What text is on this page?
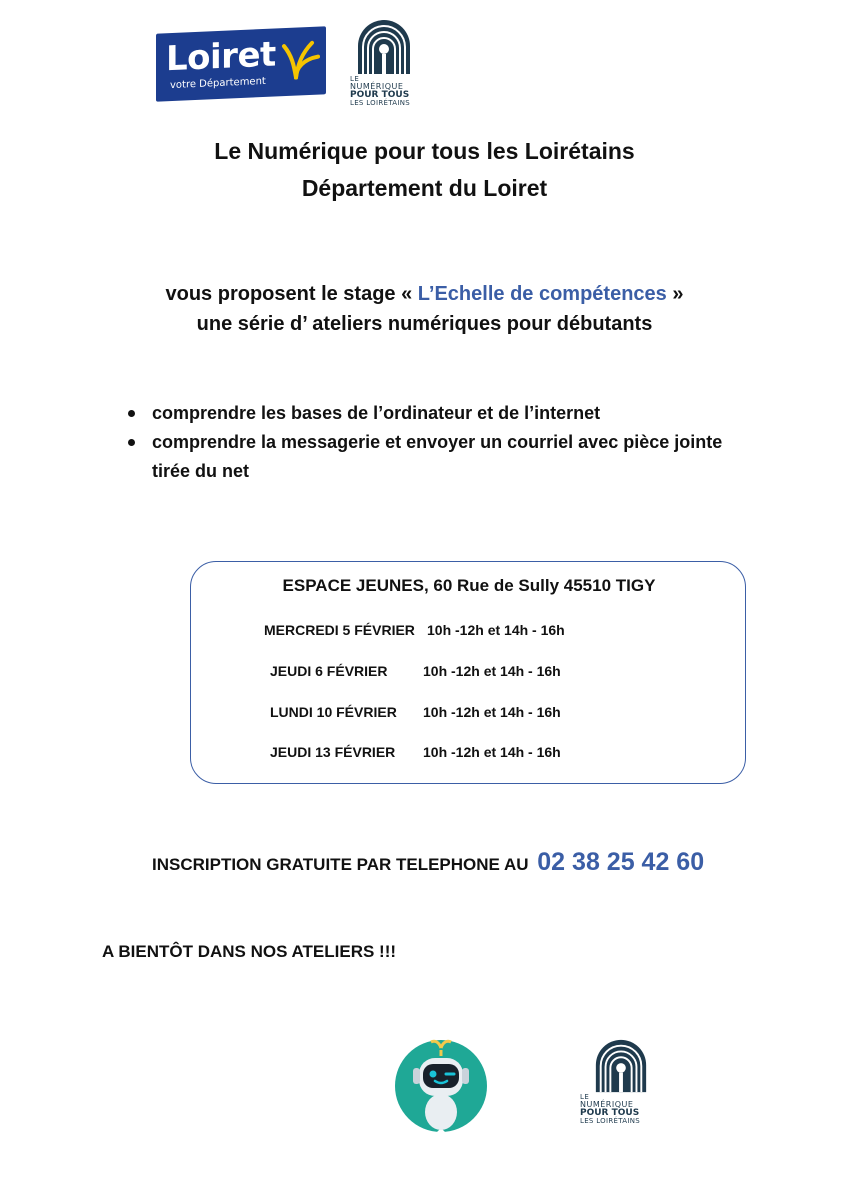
Loiret
votre Département	LE
NUMÉRIQUE
POUR TOUS
LES LOIRÉTAINS
Le Numérique pour tous les Loirétains
Département du Loiret
vous proposent le stage « L’Echelle de compétences »
une série d’ ateliers numériques pour débutants
comprendre les bases de l’ordinateur et de l’internet
comprendre la messagerie et envoyer un courriel avec pièce jointe tirée du net
ESPACE JEUNES, 60 Rue de Sully 45510 TIGY
MERCREDI 5 FÉVRIER 10h -12h et 14h - 16h
JEUDI 6 FÉVRIER	10h -12h et 14h - 16h
LUNDI 10 FÉVRIER 10h -12h et 14h - 16h
JEUDI 13 FÉVRIER 10h -12h et 14h - 16h
INSCRIPTION GRATUITE PAR TELEPHONE AU 02 38 25 42 60
A BIENTÔT DANS NOS ATELIERS !!!
LE
NUMÉRIQUE
POUR TOUS
LES LOIRÉTAINS
